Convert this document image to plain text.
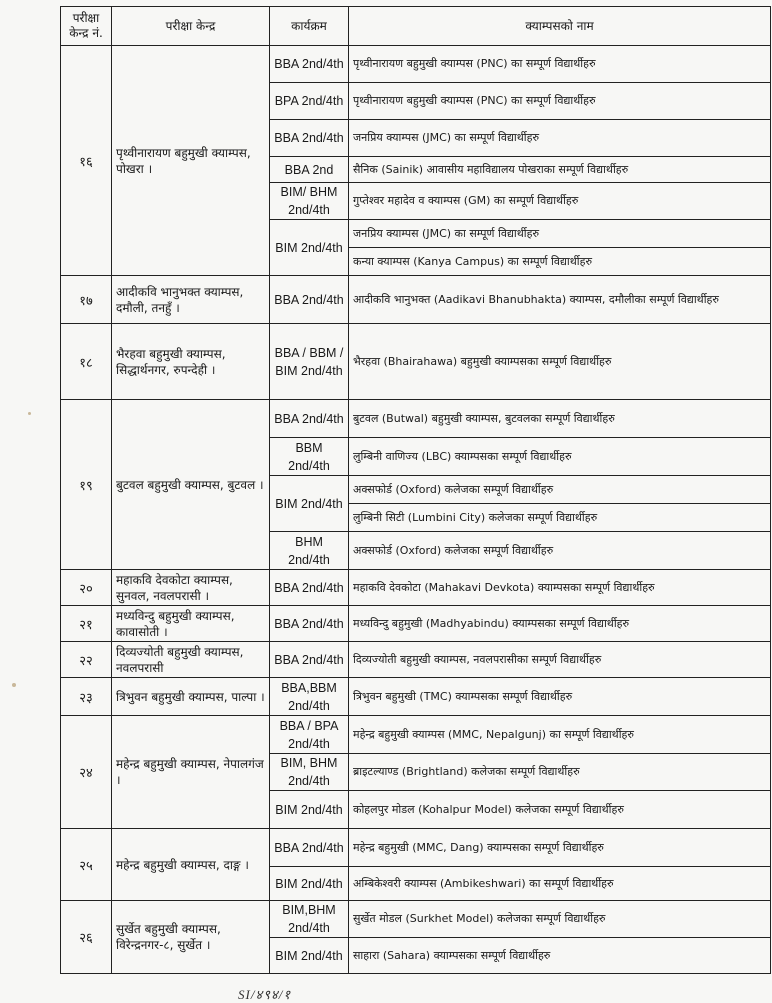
परीक्षा केन्द्र नं.	परीक्षा केन्द्र	कार्यक्रम	क्याम्पसको नाम
१६	पृथ्वीनारायण बहुमुखी क्याम्पस, पोखरा ।	BBA 2nd/4th	पृथ्वीनारायण बहुमुखी क्याम्पस (PNC) का सम्पूर्ण विद्यार्थीहरु
		BPA 2nd/4th	पृथ्वीनारायण बहुमुखी क्याम्पस (PNC) का सम्पूर्ण विद्यार्थीहरु
		BBA 2nd/4th	जनप्रिय क्याम्पस (JMC) का सम्पूर्ण विद्यार्थीहरु
		BBA 2nd	सैनिक (Sainik) आवासीय महाविद्यालय पोखराका सम्पूर्ण विद्यार्थीहरु
		BIM/ BHM 2nd/4th	गुप्तेश्वर महादेव व क्याम्पस (GM) का सम्पूर्ण विद्यार्थीहरु
		BIM 2nd/4th	जनप्रिय क्याम्पस (JMC) का सम्पूर्ण विद्यार्थीहरु
			कन्या क्याम्पस (Kanya Campus) का सम्पूर्ण विद्यार्थीहरु
१७	आदीकवि भानुभक्त क्याम्पस, दमौली, तनहुँ ।	BBA 2nd/4th	आदीकवि भानुभक्त (Aadikavi Bhanubhakta) क्याम्पस, दमौलीका सम्पूर्ण विद्यार्थीहरु
१८	भैरहवा बहुमुखी क्याम्पस, सिद्धार्थनगर, रुपन्देही ।	BBA / BBM / BIM 2nd/4th	भैरहवा (Bhairahawa) बहुमुखी क्याम्पसका सम्पूर्ण विद्यार्थीहरु
१९	बुटवल बहुमुखी क्याम्पस, बुटवल ।	BBA 2nd/4th	बुटवल (Butwal) बहुमुखी क्याम्पस, बुटवलका सम्पूर्ण विद्यार्थीहरु
		BBM 2nd/4th	लुम्बिनी वाणिज्य (LBC) क्याम्पसका सम्पूर्ण विद्यार्थीहरु
		BIM 2nd/4th	अक्सफोर्ड (Oxford) कलेजका सम्पूर्ण विद्यार्थीहरु
			लुम्बिनी सिटी (Lumbini City) कलेजका सम्पूर्ण विद्यार्थीहरु
		BHM 2nd/4th	अक्सफोर्ड (Oxford) कलेजका सम्पूर्ण विद्यार्थीहरु
२०	महाकवि देवकोटा क्याम्पस, सुनवल, नवलपरासी ।	BBA 2nd/4th	महाकवि देवकोटा (Mahakavi Devkota) क्याम्पसका सम्पूर्ण विद्यार्थीहरु
२१	मध्यविन्दु बहुमुखी क्याम्पस, कावासोती ।	BBA 2nd/4th	मध्यविन्दु बहुमुखी (Madhyabindu) क्याम्पसका सम्पूर्ण विद्यार्थीहरु
२२	दिव्यज्योती बहुमुखी क्याम्पस, नवलपरासी	BBA 2nd/4th	दिव्यज्योती बहुमुखी क्याम्पस, नवलपरासीका सम्पूर्ण विद्यार्थीहरु
२३	त्रिभुवन बहुमुखी क्याम्पस, पाल्पा ।	BBA,BBM 2nd/4th	त्रिभुवन बहुमुखी (TMC) क्याम्पसका सम्पूर्ण विद्यार्थीहरु
२४	महेन्द्र बहुमुखी क्याम्पस, नेपालगंज ।	BBA / BPA 2nd/4th	महेन्द्र बहुमुखी क्याम्पस (MMC, Nepalgunj) का सम्पूर्ण विद्यार्थीहरु
		BIM, BHM 2nd/4th	ब्राइटल्याण्ड (Brightland) कलेजका सम्पूर्ण विद्यार्थीहरु
		BIM 2nd/4th	कोहलपुर मोडल (Kohalpur Model) कलेजका सम्पूर्ण विद्यार्थीहरु
२५	महेन्द्र बहुमुखी क्याम्पस, दाङ्ग ।	BBA 2nd/4th	महेन्द्र बहुमुखी (MMC, Dang) क्याम्पसका सम्पूर्ण विद्यार्थीहरु
		BIM 2nd/4th	अम्बिकेश्वरी क्याम्पस (Ambikeshwari) का सम्पूर्ण विद्यार्थीहरु
२६	सुर्खेत बहुमुखी क्याम्पस, विरेन्द्रनगर-८, सुर्खेत ।	BIM,BHM 2nd/4th	सुर्खेत मोडल (Surkhet Model) कलेजका सम्पूर्ण विद्यार्थीहरु
		BIM 2nd/4th	साहारा (Sahara) क्याम्पसका सम्पूर्ण विद्यार्थीहरु
SI/४९४/१
